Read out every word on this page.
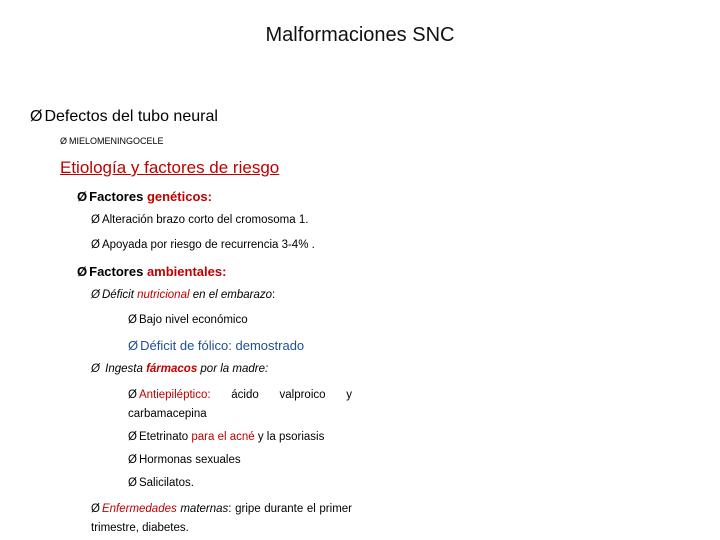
Malformaciones SNC
Ø Defectos del tubo neural
Ø MIELOMENINGOCELE
Etiología y factores de riesgo
Ø Factores genéticos:
Ø Alteración brazo corto del cromosoma 1.
Ø Apoyada por riesgo de recurrencia 3-4% .
Ø Factores ambientales:
Ø Déficit nutricional en el embarazo:
Ø Bajo nivel económico
Ø Déficit de fólico: demostrado
Ø Ingesta fármacos por la madre:
Ø Antiepiléptico: ácido valproico y carbamacepina
Ø Etetrinato para el acné y la psoriasis
Ø Hormonas sexuales
Ø Salicilatos.
Ø Enfermedades maternas: gripe durante el primer trimestre, diabetes.
